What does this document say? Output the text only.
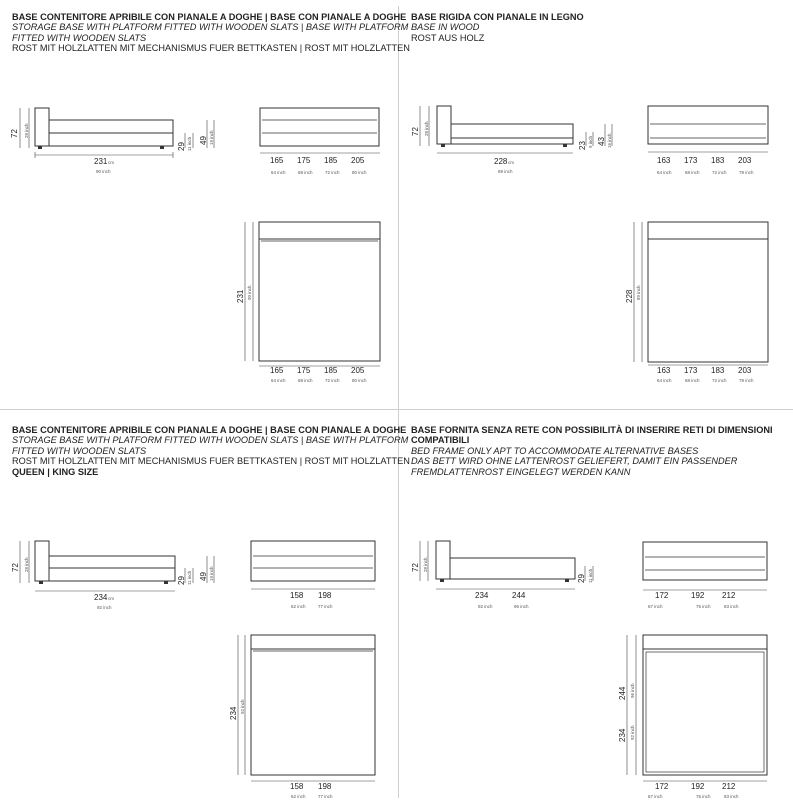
BASE CONTENITORE APRIBILE CON PIANALE A DOGHE | BASE CON PIANALE A DOGHE
STORAGE BASE WITH PLATFORM FITTED WITH WOODEN SLATS | BASE WITH PLATFORM
FITTED WITH WOODEN SLATS
ROST MIT HOLZLATTEN MIT MECHANISMUS FUER BETTKASTEN | ROST MIT HOLZLATTEN
72 28 inch
231 cm
90 inch
29 11 inch 49 19 inch
165 175 185 205
64 inch	68 inch	72 inch	80 inch
231 90 inch
165 175 185 205
64 inch	68 inch	72 inch	80 inch
72 28 inch
228 cm
89 inch
23 9 inch 43 16 inch
163 173 183 203
64 inch	68 inch	72 inch	79 inch
228 89 inch
163 173 183 203
64 inch	68 inch	72 inch	79 inch
72 28 inch
234 cm
92 inch
29 11 inch 49 19 inch
158 198
62 inch	77 inch
234 92 inch
158 198
62 inch	77 inch
72 28 inch
234	244
92 inch	96 inch
29 11 inch
172	192 212
67 inch	75 inch	83 inch
244 96 inch
234 92 inch
172	192 212
67 inch	75 inch	83 inch
BASE RIGIDA CON PIANALE IN LEGNO
BASE IN WOOD
ROST AUS HOLZ
BASE CONTENITORE APRIBILE CON PIANALE A DOGHE | BASE CON PIANALE A DOGHE
STORAGE BASE WITH PLATFORM FITTED WITH WOODEN SLATS | BASE WITH PLATFORM
FITTED WITH WOODEN SLATS
ROST MIT HOLZLATTEN MIT MECHANISMUS FUER BETTKASTEN | ROST MIT HOLZLATTEN
QUEEN | KING SIZE
BASE FORNITA SENZA RETE CON POSSIBILITÀ DI INSERIRE RETI DI DIMENSIONI
COMPATIBILI
BED FRAME ONLY APT TO ACCOMMODATE ALTERNATIVE BASES
DAS BETT WIRD OHNE LATTENROST GELIEFERT, DAMIT EIN PASSENDER
FREMDLATTENROST EINGELEGT WERDEN KANN
